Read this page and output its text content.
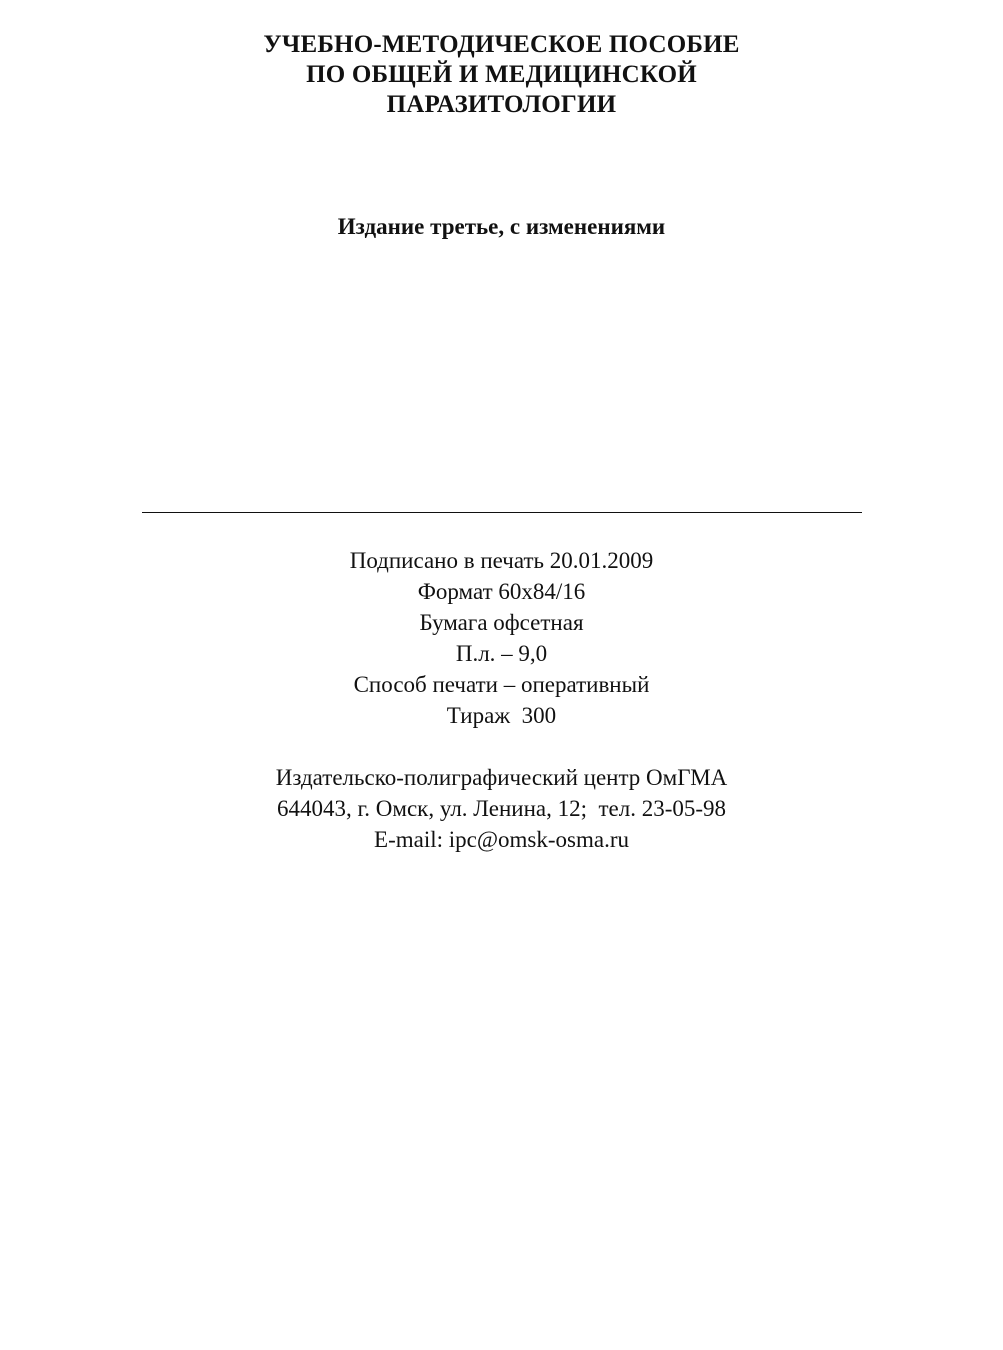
УЧЕБНО-МЕТОДИЧЕСКОЕ ПОСОБИЕ
ПО ОБЩЕЙ И МЕДИЦИНСКОЙ
ПАРАЗИТОЛОГИИ
Издание третье, с изменениями
Подписано в печать 20.01.2009
Формат 60х84/16
Бумага офсетная
П.л. – 9,0
Способ печати – оперативный
Тираж  300
Издательско-полиграфический центр ОмГМА
644043, г. Омск, ул. Ленина, 12;  тел. 23-05-98
E-mail: ipc@omsk-osma.ru
